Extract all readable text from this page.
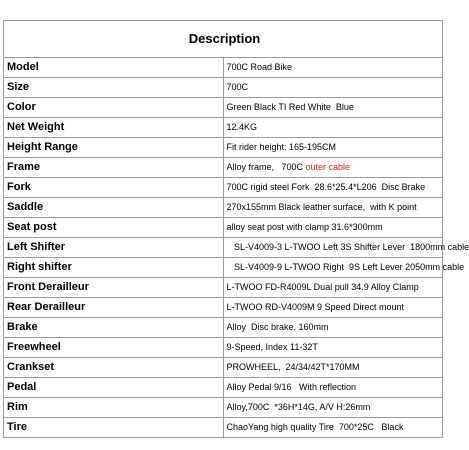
Description	
Model	700C Road Bike
Size	700C
Color	Green Black TI Red White  Blue
Net Weight	12.4KG
Height Range	Fit rider height: 165-195CM
Frame	Alloy frame,   700C outer cable
Fork	700C rigid steel Fork  28.6*25.4*L206  Disc Brake
Saddle	270x155mm Black leather surface,  with K point
Seat post	alloy seat post with clamp 31.6*300mm
Left Shifter	SL-V4009-3 L-TWOO Left 3S Shifter Lever  1800mm cable
Right shifter	SL-V4009-9 L-TWOO Right  9S Left Lever 2050mm cable
Front Derailleur	L-TWOO FD-R4009L Dual pull 34.9 Alloy Clamp
Rear Derailleur	L-TWOO RD-V4009M 9 Speed Direct mount
Brake	Alloy  Disc brake. 160mm
Freewheel	9-Speed, Index 11-32T
Crankset	PROWHEEL,  24/34/42T*170MM
Pedal	Alloy Pedal 9/16   With reflection
Rim	Alloy,700C  *36H*14G, A/V H:26mm
Tire	ChaoYang high quality Tire  700*25C   Black
